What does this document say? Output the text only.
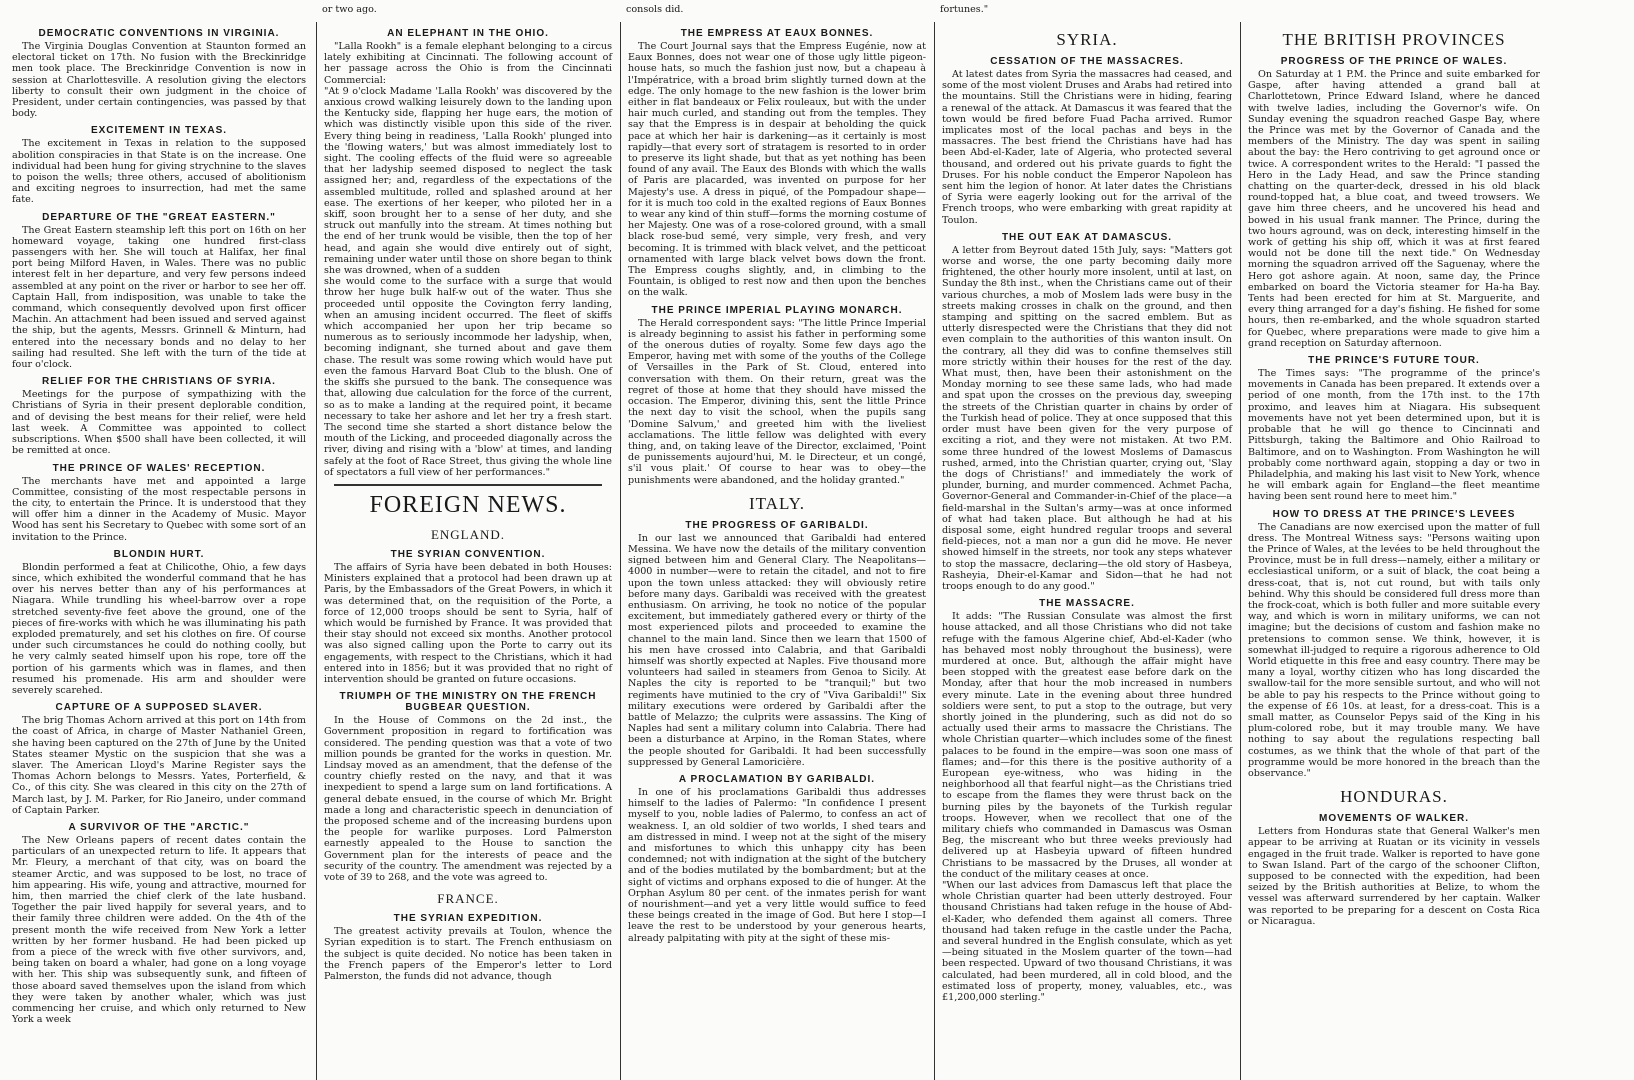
or two ago.	consols did.	fortunes."
DEMOCRATIC CONVENTIONS IN VIRGINIA.

The Virginia Douglas Convention at Staunton formed an electoral ticket on 17th. No fusion with the Breckinridge men took place. The Breckinridge Convention is now in session at Charlottesville. A resolution giving the electors liberty to consult their own judgment in the choice of President, under certain contingencies, was passed by that body.

EXCITEMENT IN TEXAS.

The excitement in Texas in relation to the supposed abolition conspiracies in that State is on the increase. One individual had been hung for giving strychnine to the slaves to poison the wells; three others, accused of abolitionism and exciting negroes to insurrection, had met the same fate.

DEPARTURE OF THE "GREAT EASTERN."

The Great Eastern steamship left this port on 16th on her homeward voyage, taking one hundred first-class passengers with her. She will touch at Halifax, her final port being Milford Haven, in Wales. There was no public interest felt in her departure, and very few persons indeed assembled at any point on the river or harbor to see her off. Captain Hall, from indisposition, was unable to take the command, which consequently devolved upon first officer Machin. An attachment had been issued and served against the ship, but the agents, Messrs. Grinnell & Minturn, had entered into the necessary bonds and no delay to her sailing had resulted. She left with the turn of the tide at four o'clock.

RELIEF FOR THE CHRISTIANS OF SYRIA.

Meetings for the purpose of sympathizing with the Christians of Syria in their present deplorable condition, and of devising the best means for their relief, were held last week. A Committee was appointed to collect subscriptions. When $500 shall have been collected, it will be remitted at once.

THE PRINCE OF WALES' RECEPTION.

The merchants have met and appointed a large Committee, consisting of the most respectable persons in the city, to entertain the Prince. It is understood that they will offer him a dinner in the Academy of Music. Mayor Wood has sent his Secretary to Quebec with some sort of an invitation to the Prince.

BLONDIN HURT.

Blondin performed a feat at Chilicothe, Ohio, a few days since, which exhibited the wonderful command that he has over his nerves better than any of his performances at Niagara. While trundling his wheel-barrow over a rope stretched seventy-five feet above the ground, one of the pieces of fire-works with which he was illuminating his path exploded prematurely, and set his clothes on fire. Of course under such circumstances he could do nothing coolly, but he very calmly seated himself upon his rope, tore off the portion of his garments which was in flames, and then resumed his promenade. His arm and shoulder were severely scarehed.

CAPTURE OF A SUPPOSED SLAVER.

The brig Thomas Achorn arrived at this port on 14th from the coast of Africa, in charge of Master Nathaniel Green, she having been captured on the 27th of June by the United States steamer Mystic on the suspicion that she was a slaver. The American Lloyd's Marine Register says the Thomas Achorn belongs to Messrs. Yates, Porterfield, & Co., of this city. She was cleared in this city on the 27th of March last, by J. M. Parker, for Rio Janeiro, under command of Captain Parker.

A SURVIVOR OF THE "ARCTIC."

The New Orleans papers of recent dates contain the particulars of an unexpected return to life. It appears that Mr. Fleury, a merchant of that city, was on board the steamer Arctic, and was supposed to be lost, no trace of him appearing. His wife, young and attractive, mourned for him, then married the chief clerk of the late husband. Together the pair lived happily for several years, and to their family three children were added. On the 4th of the present month the wife received from New York a letter written by her former husband. He had been picked up from a piece of the wreck with five other survivors, and, being taken on board a whaler, had gone on a long voyage with her. This ship was subsequently sunk, and fifteen of those aboard saved themselves upon the island from which they were taken by another whaler, which was just commencing her cruise, and which only returned to New York a week

AN ELEPHANT IN THE OHIO.

"Lalla Rookh" is a female elephant belonging to a circus lately exhibiting at Cincinnati. The following account of her passage across the Ohio is from the Cincinnati Commercial:

"At 9 o'clock Madame 'Lalla Rookh' was discovered by the anxious crowd walking leisurely down to the landing upon the Kentucky side, flapping her huge ears, the motion of which was distinctly visible upon this side of the river. Every thing being in readiness, 'Lalla Rookh' plunged into the 'flowing waters,' but was almost immediately lost to sight. The cooling effects of the fluid were so agreeable that her ladyship seemed disposed to neglect the task assigned her; and, regardless of the expectations of the assembled multitude, rolled and splashed around at her ease. The exertions of her keeper, who piloted her in a skiff, soon brought her to a sense of her duty, and she struck out manfully into the stream. At times nothing but the end of her trunk would be visible, then the top of her head, and again she would dive entirely out of sight, remaining under water until those on shore began to think she was drowned, when of a sudden

she would come to the surface with a surge that would throw her huge bulk half-w out of the water. Thus she proceeded until opposite the Covington ferry landing, when an amusing incident occurred. The fleet of skiffs which accompanied her upon her trip became so numerous as to seriously incommode her ladyship, when, becoming indignant, she turned about and gave them chase. The result was some rowing which would have put even the famous Harvard Boat Club to the blush. One of the skiffs she pursued to the bank. The consequence was that, allowing due calculation for the force of the current, so as to make a landing at the required point, it became necessary to take her ashore and let her try a fresh start. The second time she started a short distance below the mouth of the Licking, and proceeded diagonally across the river, diving and rising with a 'blow' at times, and landing safely at the foot of Race Street, thus giving the whole line of spectators a full view of her performances."

FOREIGN NEWS.
ENGLAND.
THE SYRIAN CONVENTION.

The affairs of Syria have been debated in both Houses: Ministers explained that a protocol had been drawn up at Paris, by the Embassadors of the Great Powers, in which it was determined that, on the requisition of the Porte, a force of 12,000 troops should be sent to Syria, half of which would be furnished by France. It was provided that their stay should not exceed six months. Another protocol was also signed calling upon the Porte to carry out its engagements, with respect to the Christians, which it had entered into in 1856; but it was provided that no right of intervention should be granted on future occasions.

TRIUMPH OF THE MINISTRY ON THE FRENCH BUGBEAR QUESTION.

In the House of Commons on the 2d inst., the Government proposition in regard to fortification was considered. The pending question was that a vote of two million pounds be granted for the works in question. Mr. Lindsay moved as an amendment, that the defense of the country chiefly rested on the navy, and that it was inexpedient to spend a large sum on land fortifications. A general debate ensued, in the course of which Mr. Bright made a long and characteristic speech in denunciation of the proposed scheme and of the increasing burdens upon the people for warlike purposes. Lord Palmerston earnestly appealed to the House to sanction the Government plan for the interests of peace and the security of the country. The amendment was rejected by a vote of 39 to 268, and the vote was agreed to.

FRANCE.
THE SYRIAN EXPEDITION.

The greatest activity prevails at Toulon, whence the Syrian expedition is to start. The French enthusiasm on the subject is quite decided. No notice has been taken in the French papers of the Emperor's letter to Lord Palmerston, the funds did not advance, though

THE EMPRESS AT EAUX BONNES.

The Court Journal says that the Empress Eugénie, now at Eaux Bonnes, does not wear one of those ugly little pigeon-house hats, so much the fashion just now, but a chapeau à l'Impératrice, with a broad brim slightly turned down at the edge. The only homage to the new fashion is the lower brim either in flat bandeaux or Felix rouleaux, but with the under hair much curled, and standing out from the temples. They say that the Empress is in despair at beholding the quick pace at which her hair is darkening—as it certainly is most rapidly—that every sort of stratagem is resorted to in order to preserve its light shade, but that as yet nothing has been found of any avail. The Eaux des Blonds with which the walls of Paris are placarded, was invented on purpose for her Majesty's use. A dress in piqué, of the Pompadour shape—for it is much too cold in the exalted regions of Eaux Bonnes to wear any kind of thin stuff—forms the morning costume of her Majesty. One was of a rose-colored ground, with a small black rose-bud semé, very simple, very fresh, and very becoming. It is trimmed with black velvet, and the petticoat ornamented with large black velvet bows down the front. The Empress coughs slightly, and, in climbing to the Fountain, is obliged to rest now and then upon the benches on the walk.

THE PRINCE IMPERIAL PLAYING MONARCH.

The Herald correspondent says: "The little Prince Imperial is already beginning to assist his father in performing some of the onerous duties of royalty. Some few days ago the Emperor, having met with some of the youths of the College of Versailles in the Park of St. Cloud, entered into conversation with them. On their return, great was the regret of those at home that they should have missed the occasion. The Emperor, divining this, sent the little Prince the next day to visit the school, when the pupils sang 'Domine Salvum,' and greeted him with the liveliest acclamations. The little fellow was delighted with every thing, and, on taking leave of the Director, exclaimed, 'Point de punissements aujourd'hui, M. le Directeur, et un congé, s'il vous plait.' Of course to hear was to obey—the punishments were abandoned, and the holiday granted."

ITALY.
THE PROGRESS OF GARIBALDI.

In our last we announced that Garibaldi had entered Messina. We have now the details of the military convention signed between him and General Clary. The Neapolitans—4000 in number—were to retain the citadel, and not to fire upon the town unless attacked: they will obviously retire before many days. Garibaldi was received with the greatest enthusiasm. On arriving, he took no notice of the popular excitement, but immediately gathered every or thirty of the most experienced pilots and proceeded to examine the channel to the main land. Since then we learn that 1500 of his men have crossed into Calabria, and that Garibaldi himself was shortly expected at Naples. Five thousand more volunteers had sailed in steamers from Genoa to Sicily. At Naples the city is reported to be "tranquil;" but two regiments have mutinied to the cry of "Viva Garibaldi!" Six military executions were ordered by Garibaldi after the battle of Melazzo; the culprits were assassins. The King of Naples had sent a military column into Calabria. There had been a disturbance at Arpino, in the Roman States, where the people shouted for Garibaldi. It had been successfully suppressed by General Lamoricière.

A PROCLAMATION BY GARIBALDI.

In one of his proclamations Garibaldi thus addresses himself to the ladies of Palermo: "In confidence I present myself to you, noble ladies of Palermo, to confess an act of weakness. I, an old soldier of two worlds, I shed tears and am distressed in mind. I weep not at the sight of the misery and misfortunes to which this unhappy city has been condemned; not with indignation at the sight of the butchery and of the bodies mutilated by the bombardment; but at the sight of victims and orphans exposed to die of hunger. At the Orphan Asylum 80 per cent. of the inmates perish for want of nourishment—and yet a very little would suffice to feed these beings created in the image of God. But here I stop—I leave the rest to be understood by your generous hearts, already palpitating with pity at the sight of these mis-

SYRIA.
CESSATION OF THE MASSACRES.

At latest dates from Syria the massacres had ceased, and some of the most violent Druses and Arabs had retired into the mountains. Still the Christians were in hiding, fearing a renewal of the attack. At Damascus it was feared that the town would be fired before Fuad Pacha arrived. Rumor implicates most of the local pachas and beys in the massacres. The best friend the Christians have had has been Abd-el-Kader, late of Algeria, who protected several thousand, and ordered out his private guards to fight the Druses. For his noble conduct the Emperor Napoleon has sent him the legion of honor. At later dates the Christians of Syria were eagerly looking out for the arrival of the French troops, who were embarking with great rapidity at Toulon.

THE OUT EAK AT DAMASCUS.

A letter from Beyrout dated 15th July, says: "Matters got worse and worse, the one party becoming daily more frightened, the other hourly more insolent, until at last, on Sunday the 8th inst., when the Christians came out of their various churches, a mob of Moslem lads were busy in the streets making crosses in chalk on the ground, and then stamping and spitting on the sacred emblem. But as utterly disrespected were the Christians that they did not even complain to the authorities of this wanton insult. On the contrary, all they did was to confine themselves still more strictly within their houses for the rest of the day. What must, then, have been their astonishment on the Monday morning to see these same lads, who had made and spat upon the crosses on the previous day, sweeping the streets of the Christian quarter in chains by order of the Turkish head of police. They at once supposed that this order must have been given for the very purpose of exciting a riot, and they were not mistaken. At two P.M. some three hundred of the lowest Moslems of Damascus rushed, armed, into the Christian quarter, crying out, 'Slay the dogs of Christians!' and immediately the work of plunder, burning, and murder commenced. Achmet Pacha, Governor-General and Commander-in-Chief of the place—a field-marshal in the Sultan's army—was at once informed of what had taken place. But although he had at his disposal some, eight hundred regular troops and several field-pieces, not a man nor a gun did he move. He never showed himself in the streets, nor took any steps whatever to stop the massacre, declaring—the old story of Hasbeya, Rasheyia, Dheir-el-Kamar and Sidon—that he had not troops enough to do any good."

THE MASSACRE.

It adds: "The Russian Consulate was almost the first house attacked, and all those Christians who did not take refuge with the famous Algerine chief, Abd-el-Kader (who has behaved most nobly throughout the business), were murdered at once. But, although the affair might have been stopped with the greatest ease before dark on the Monday, after that hour the mob increased in numbers every minute. Late in the evening about three hundred soldiers were sent, to put a stop to the outrage, but very shortly joined in the plundering, such as did not do so actually used their arms to massacre the Christians. The whole Christian quarter—which includes some of the finest palaces to be found in the empire—was soon one mass of flames; and—for this there is the positive authority of a European eye-witness, who was hiding in the neighborhood all that fearful night—as the Christians tried to escape from the flames they were thrust back on the burning piles by the bayonets of the Turkish regular troops. However, when we recollect that one of the military chiefs who commanded in Damascus was Osman Beg, the miscreant who but three weeks previously had delivered up at Hasbeyia upward of fifteen hundred Christians to be massacred by the Druses, all wonder at the conduct of the military ceases at once.

"When our last advices from Damascus left that place the whole Christian quarter had been utterly destroyed. Four thousand Christians had taken refuge in the house of Abd-el-Kader, who defended them against all comers. Three thousand had taken refuge in the castle under the Pacha, and several hundred in the English consulate, which as yet—being situated in the Moslem quarter of the town—had been respected. Upward of two thousand Christians, it was calculated, had been murdered, all in cold blood, and the estimated loss of property, money, valuables, etc., was £1,200,000 sterling."

THE BRITISH PROVINCES
PROGRESS OF THE PRINCE OF WALES.

On Saturday at 1 P.M. the Prince and suite embarked for Gaspe, after having attended a grand ball at Charlottetown, Prince Edward Island, where he danced with twelve ladies, including the Governor's wife. On Sunday evening the squadron reached Gaspe Bay, where the Prince was met by the Governor of Canada and the members of the Ministry. The day was spent in sailing about the bay: the Hero contriving to get aground once or twice. A correspondent writes to the Herald: "I passed the Hero in the Lady Head, and saw the Prince standing chatting on the quarter-deck, dressed in his old black round-topped hat, a blue coat, and tweed trowsers. We gave him three cheers, and he uncovered his head and bowed in his usual frank manner. The Prince, during the two hours aground, was on deck, interesting himself in the work of getting his ship off, which it was at first feared would not be done till the next tide." On Wednesday morning the squadron arrived off the Saguenay, where the Hero got ashore again. At noon, same day, the Prince embarked on board the Victoria steamer for Ha-ha Bay. Tents had been erected for him at St. Marguerite, and every thing arranged for a day's fishing. He fished for some hours, then re-embarked, and the whole squadron started for Quebec, where preparations were made to give him a grand reception on Saturday afternoon.

THE PRINCE'S FUTURE TOUR.

The Times says: "The programme of the prince's movements in Canada has been prepared. It extends over a period of one month, from the 17th inst. to the 17th proximo, and leaves him at Niagara. His subsequent movements have not yet been determined upon, but it is probable that he will go thence to Cincinnati and Pittsburgh, taking the Baltimore and Ohio Railroad to Baltimore, and on to Washington. From Washington he will probably come northward again, stopping a day or two in Philadelphia, and making his last visit to New York, whence he will embark again for England—the fleet meantime having been sent round here to meet him."

HOW TO DRESS AT THE PRINCE'S LEVEES

The Canadians are now exercised upon the matter of full dress. The Montreal Witness says: "Persons waiting upon the Prince of Wales, at the levées to be held throughout the Province, must be in full dress—namely, either a military or ecclesiastical uniform, or a suit of black, the coat being a dress-coat, that is, not cut round, but with tails only behind. Why this should be considered full dress more than the frock-coat, which is both fuller and more suitable every way, and which is worn in military uniforms, we can not imagine; but the decisions of custom and fashion make no pretensions to common sense. We think, however, it is somewhat ill-judged to require a rigorous adherence to Old World etiquette in this free and easy country. There may be many a loyal, worthy citizen who has long discarded the swallow-tail for the more sensible surtout, and who will not be able to pay his respects to the Prince without going to the expense of £6 10s. at least, for a dress-coat. This is a small matter, as Counselor Pepys said of the King in his plum-colored robe, but it may trouble many. We have nothing to say about the regulations respecting ball costumes, as we think that the whole of that part of the programme would be more honored in the breach than the observance."

HONDURAS.
MOVEMENTS OF WALKER.

Letters from Honduras state that General Walker's men appear to be arriving at Ruatan or its vicinity in vessels engaged in the fruit trade. Walker is reported to have gone to Swan Island. Part of the cargo of the schooner Clifton, supposed to be connected with the expedition, had been seized by the British authorities at Belize, to whom the vessel was afterward surrendered by her captain. Walker was reported to be preparing for a descent on Costa Rica or Nicaragua.
